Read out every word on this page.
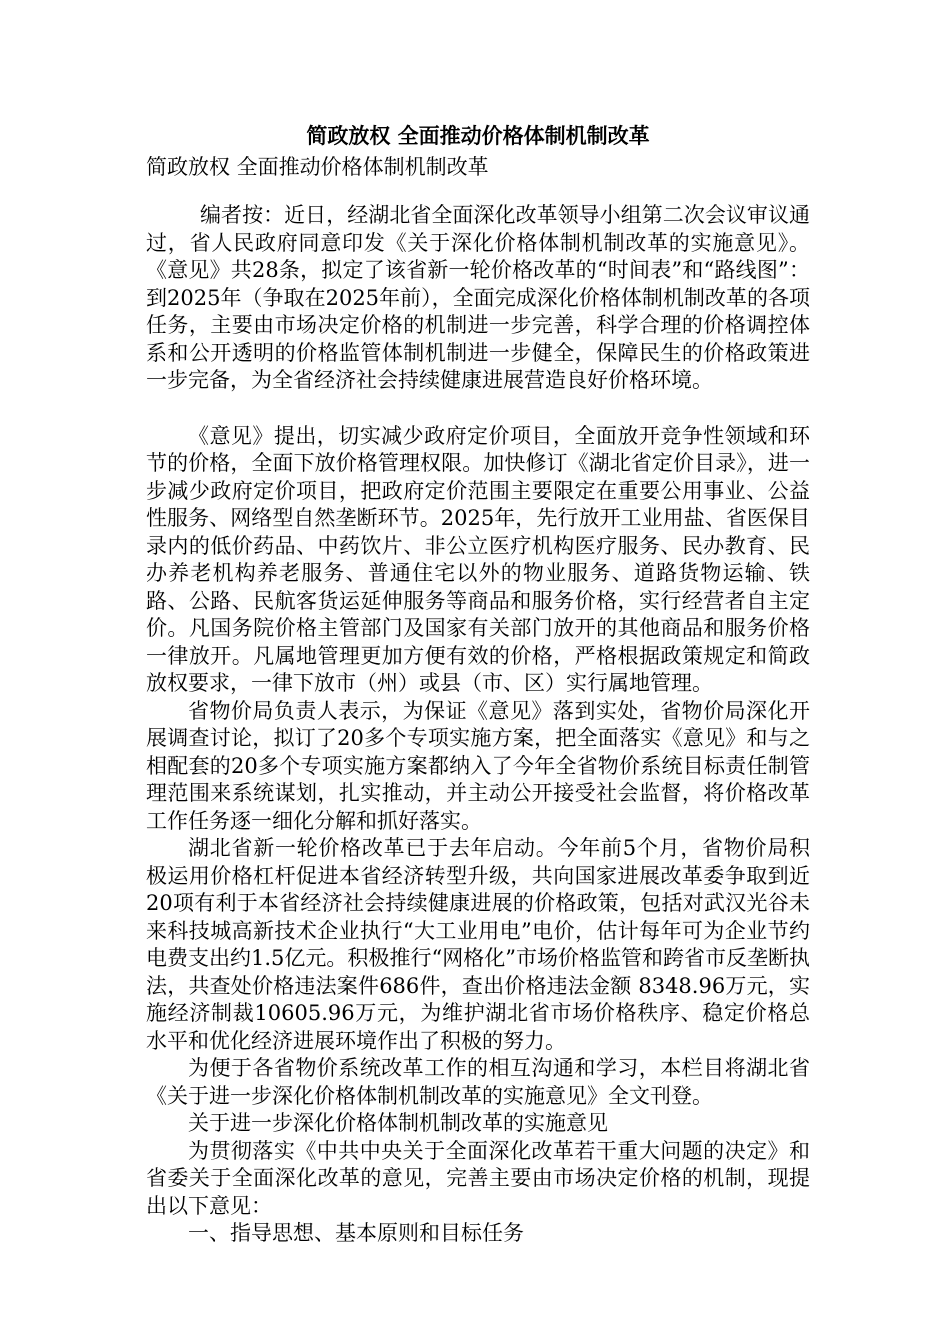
简政放权 全面推动价格体制机制改革

简政放权 全面推动价格体制机制改革

编者按：近日，经湖北省全面深化改革领导小组第二次会议审议通过，省人民政府同意印发《关于深化价格体制机制改革的实施意见》。《意见》共28条，拟定了该省新一轮价格改革的“时间表”和“路线图”：到2025年（争取在2025年前），全面完成深化价格体制机制改革的各项任务，主要由市场决定价格的机制进一步完善，科学合理的价格调控体系和公开透明的价格监管体制机制进一步健全，保障民生的价格政策进一步完备，为全省经济社会持续健康进展营造良好价格环境。

《意见》提出，切实减少政府定价项目，全面放开竞争性领域和环节的价格，全面下放价格管理权限。加快修订《湖北省定价目录》，进一步减少政府定价项目，把政府定价范围主要限定在重要公用事业、公益性服务、网络型自然垄断环节。2025年，先行放开工业用盐、省医保目录内的低价药品、中药饮片、非公立医疗机构医疗服务、民办教育、民办养老机构养老服务、普通住宅以外的物业服务、道路货物运输、铁路、公路、民航客货运延伸服务等商品和服务价格，实行经营者自主定价。凡国务院价格主管部门及国家有关部门放开的其他商品和服务价格一律放开。凡属地管理更加方便有效的价格，严格根据政策规定和简政放权要求，一律下放市（州）或县（市、区）实行属地管理。

省物价局负责人表示，为保证《意见》落到实处，省物价局深化开展调查讨论，拟订了20多个专项实施方案，把全面落实《意见》和与之相配套的20多个专项实施方案都纳入了今年全省物价系统目标责任制管理范围来系统谋划，扎实推动，并主动公开接受社会监督，将价格改革工作任务逐一细化分解和抓好落实。

湖北省新一轮价格改革已于去年启动。今年前5个月，省物价局积极运用价格杠杆促进本省经济转型升级，共向国家进展改革委争取到近20项有利于本省经济社会持续健康进展的价格政策，包括对武汉光谷未来科技城高新技术企业执行“大工业用电”电价，估计每年可为企业节约电费支出约1.5亿元。积极推行“网格化”市场价格监管和跨省市反垄断执法，共查处价格违法案件686件，查出价格违法金额 8348.96万元，实施经济制裁10605.96万元，为维护湖北省市场价格秩序、稳定价格总水平和优化经济进展环境作出了积极的努力。

为便于各省物价系统改革工作的相互沟通和学习，本栏目将湖北省《关于进一步深化价格体制机制改革的实施意见》全文刊登。

关于进一步深化价格体制机制改革的实施意见

为贯彻落实《中共中央关于全面深化改革若干重大问题的决定》和省委关于全面深化改革的意见，完善主要由市场决定价格的机制，现提出以下意见：

一、指导思想、基本原则和目标任务
